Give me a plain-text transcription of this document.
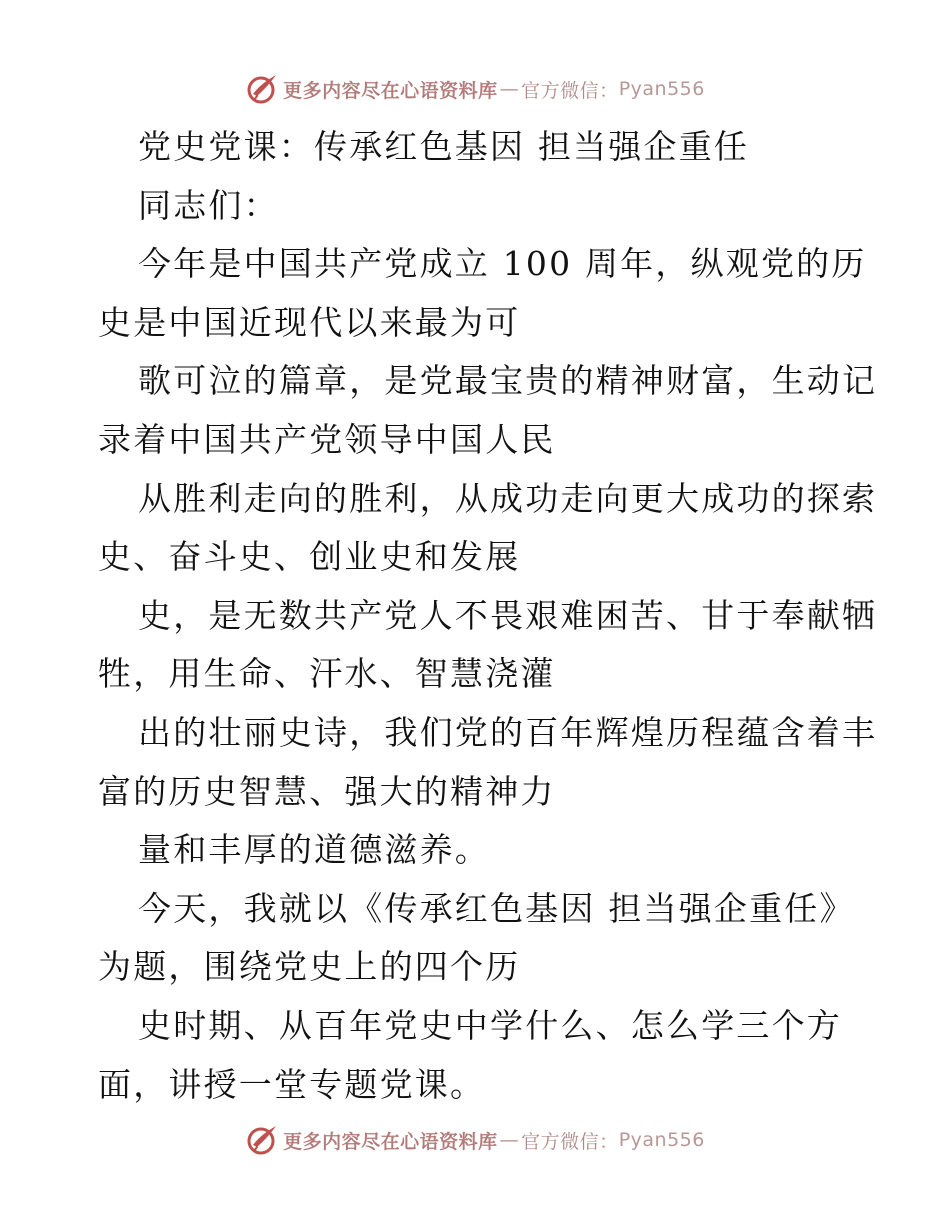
更多内容尽在心语资料库 — 官方微信： Pyan556
党史党课：传承红色基因 担当强企重任
同志们：
今年是中国共产党成立 100 周年，纵观党的历
史是中国近现代以来最为可
歌可泣的篇章，是党最宝贵的精神财富，生动记
录着中国共产党领导中国人民
从胜利走向的胜利，从成功走向更大成功的探索
史、奋斗史、创业史和发展
史，是无数共产党人不畏艰难困苦、甘于奉献牺
牲，用生命、汗水、智慧浇灌
出的壮丽史诗，我们党的百年辉煌历程蕴含着丰
富的历史智慧、强大的精神力
量和丰厚的道德滋养。
今天，我就以《传承红色基因 担当强企重任》
为题，围绕党史上的四个历
史时期、从百年党史中学什么、怎么学三个方
面，讲授一堂专题党课。
更多内容尽在心语资料库 — 官方微信： Pyan556
